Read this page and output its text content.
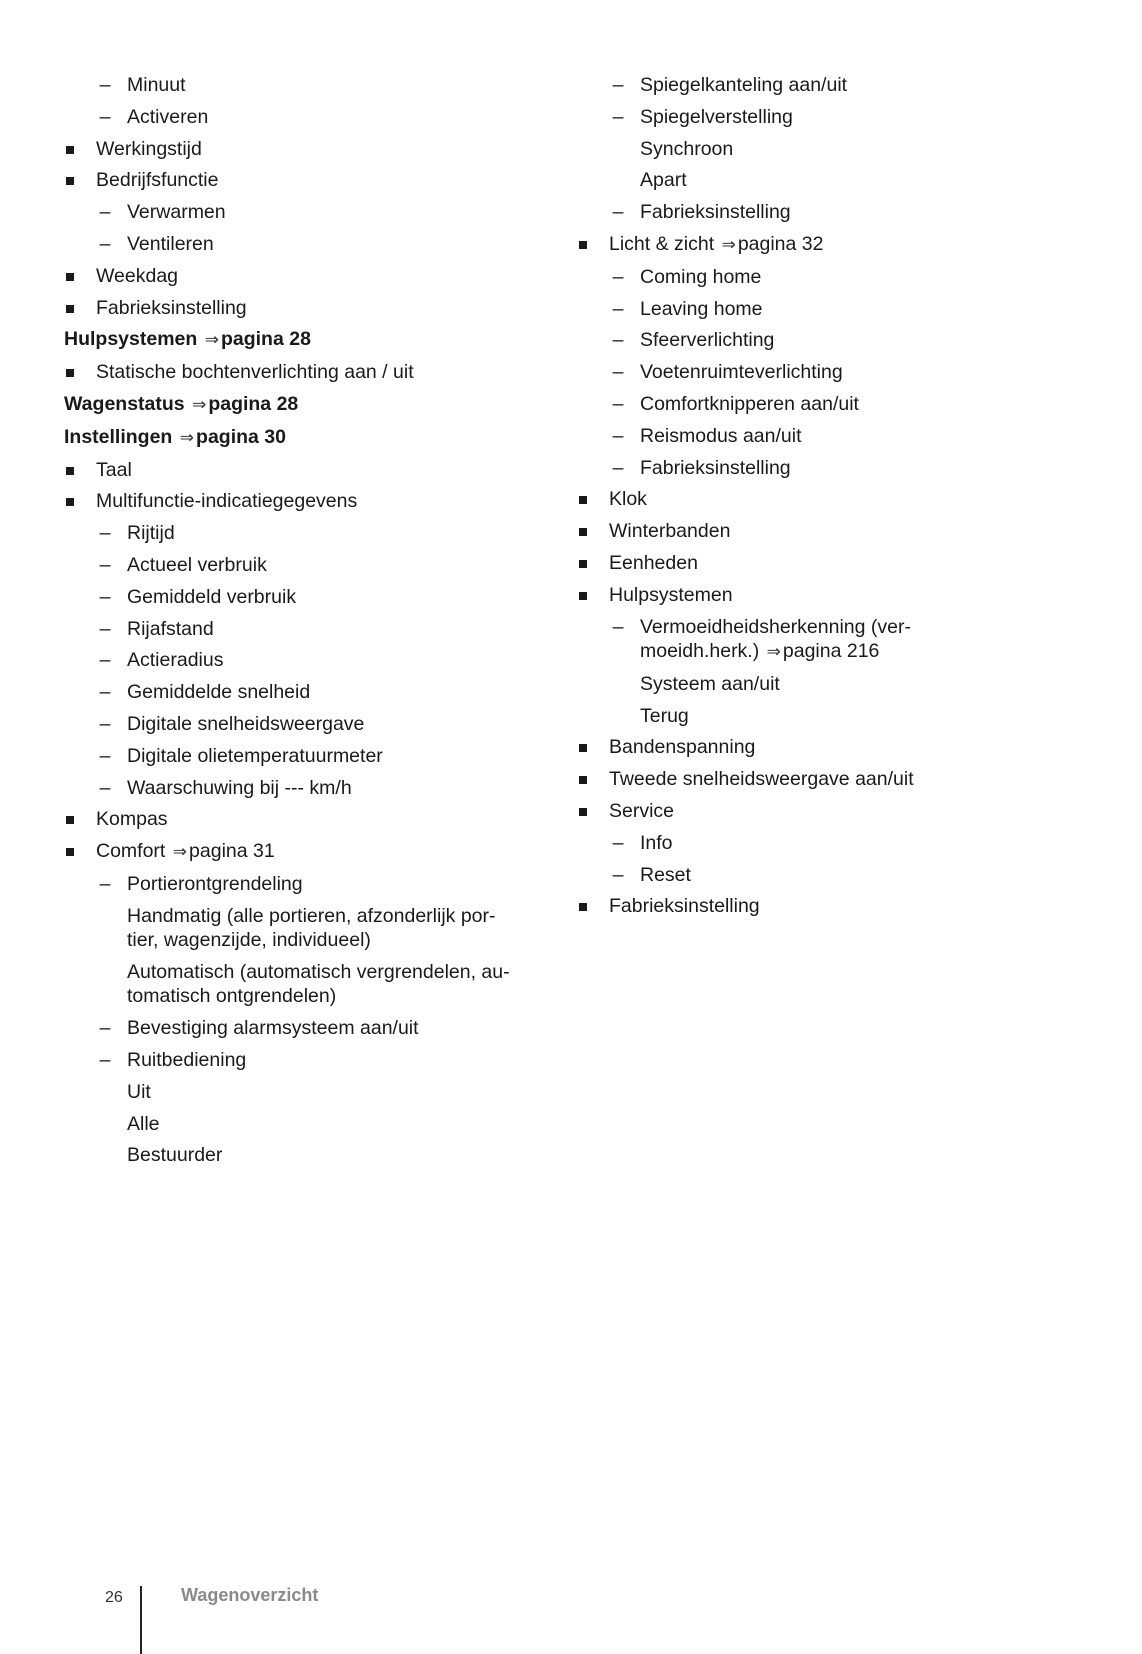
– Minuut
– Activeren
Werkingstijd
Bedrijfsfunctie
– Verwarmen
– Ventileren
Weekdag
Fabrieksinstelling
Hulpsystemen ⇒ pagina 28
Statische bochtenverlichting aan / uit
Wagenstatus ⇒ pagina 28
Instellingen ⇒ pagina 30
Taal
Multifunctie-indicatiegegevens
– Rijtijd
– Actueel verbruik
– Gemiddeld verbruik
– Rijafstand
– Actieradius
– Gemiddelde snelheid
– Digitale snelheidsweergave
– Digitale olietemperatuurmeter
– Waarschuwing bij --- km/h
Kompas
Comfort ⇒ pagina 31
– Portierontgrendeling
Handmatig (alle portieren, afzonderlijk por-
tier, wagenzijde, individueel)
Automatisch (automatisch vergrendelen, au-
tomatisch ontgrendelen)
– Bevestiging alarmsysteem aan/uit
– Ruitbediening
Uit
Alle
Bestuurder
– Spiegelkanteling aan/uit
– Spiegelverstelling
Synchroon
Apart
– Fabrieksinstelling
Licht & zicht ⇒ pagina 32
– Coming home
– Leaving home
– Sfeerverlichting
– Voetenruimteverlichting
– Comfortknipperen aan/uit
– Reismodus aan/uit
– Fabrieksinstelling
Klok
Winterbanden
Eenheden
Hulpsystemen
– Vermoeidheidsherkenning (ver-
moeidh.herk.) ⇒ pagina 216
Systeem aan/uit
Terug
Bandenspanning
Tweede snelheidsweergave aan/uit
Service
– Info
– Reset
Fabrieksinstelling
26	Wagenoverzicht
